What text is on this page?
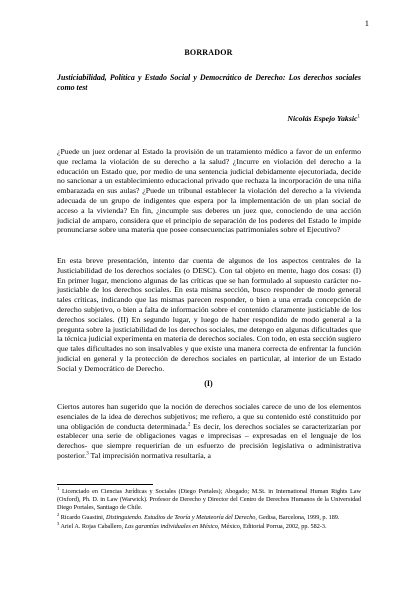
1
BORRADOR
Justiciabilidad, Política y Estado Social y Democrático de Derecho: Los derechos sociales como test
Nicolás Espejo Yaksic$^1$

¿Puede un juez ordenar al Estado la provisión de un tratamiento médico a favor de un enfermo que reclama la violación de su derecho a la salud? ¿Incurre en violación del derecho a la educación un Estado que, por medio de una sentencia judicial debidamente ejecutoriada, decide no sancionar a un establecimiento educacional privado que rechaza la incorporación de una niña embarazada en sus aulas? ¿Puede un tribunal establecer la violación del derecho a la vivienda adecuada de un grupo de indigentes que espera por la implementación de un plan social de acceso a la vivienda? En fin, ¿incumple sus deberes un juez que, conociendo de una acción judicial de amparo, considera que el principio de separación de los poderes del Estado le impide pronunciarse sobre una materia que posee consecuencias patrimoniales sobre el Ejecutivo?

En esta breve presentación, intento dar cuenta de algunos de los aspectos centrales de la Justiciabilidad de los derechos sociales (o DESC). Con tal objeto en mente, hago dos cosas: (I) En primer lugar, menciono algunas de las críticas que se han formulado al supuesto carácter no-justiciable de los derechos sociales. En esta misma sección, busco responder de modo general tales críticas, indicando que las mismas parecen responder, o bien a una errada concepción de derecho subjetivo, o bien a falta de información sobre el contenido claramente justiciable de los derechos sociales. (II) En segundo lugar, y luego de haber respondido de modo general a la pregunta sobre la justiciabilidad de los derechos sociales, me detengo en algunas dificultades que la técnica judicial experimenta en materia de derechos sociales. Con todo, en esta sección sugiero que tales dificultades no son insalvables y que existe una manera correcta de enfrentar la función judicial en general y la protección de derechos sociales en particular, al interior de un Estado Social y Democrático de Derecho.

(I)

Ciertos autores han sugerido que la noción de derechos sociales carece de uno de los elementos esenciales de la idea de derechos subjetivos; me refiero, a que su contenido esté constituido por una obligación de conducta determinada.$^2$ Es decir, los derechos sociales se caracterizarían por establecer una serie de obligaciones vagas e imprecisas – expresadas en el lenguaje de los derechos- que siempre requerirían de un esfuerzo de precisión legislativa o administrativa posterior.$^3$ Tal imprecisión normativa resultaría, a

$^1$ Licenciado en Ciencias Jurídicas y Sociales (Diego Portales); Abogado; M.St. in International Human Rights Law (Oxford), Ph. D. in Law (Warwick). Profesor de Derecho y Director del Centro de Derechos Humanos de la Universidad Diego Portales, Santiago de Chile.

$^2$ Ricardo Guastini, Distinguiendo. Estudios de Teoría y Metateoría del Derecho, Gedisa, Barcelona, 1999, p. 189.

$^3$ Ariel A. Rojas Caballero, Las garantías individuales en México, México, Editorial Porrua, 2002, pp. 582-3.
